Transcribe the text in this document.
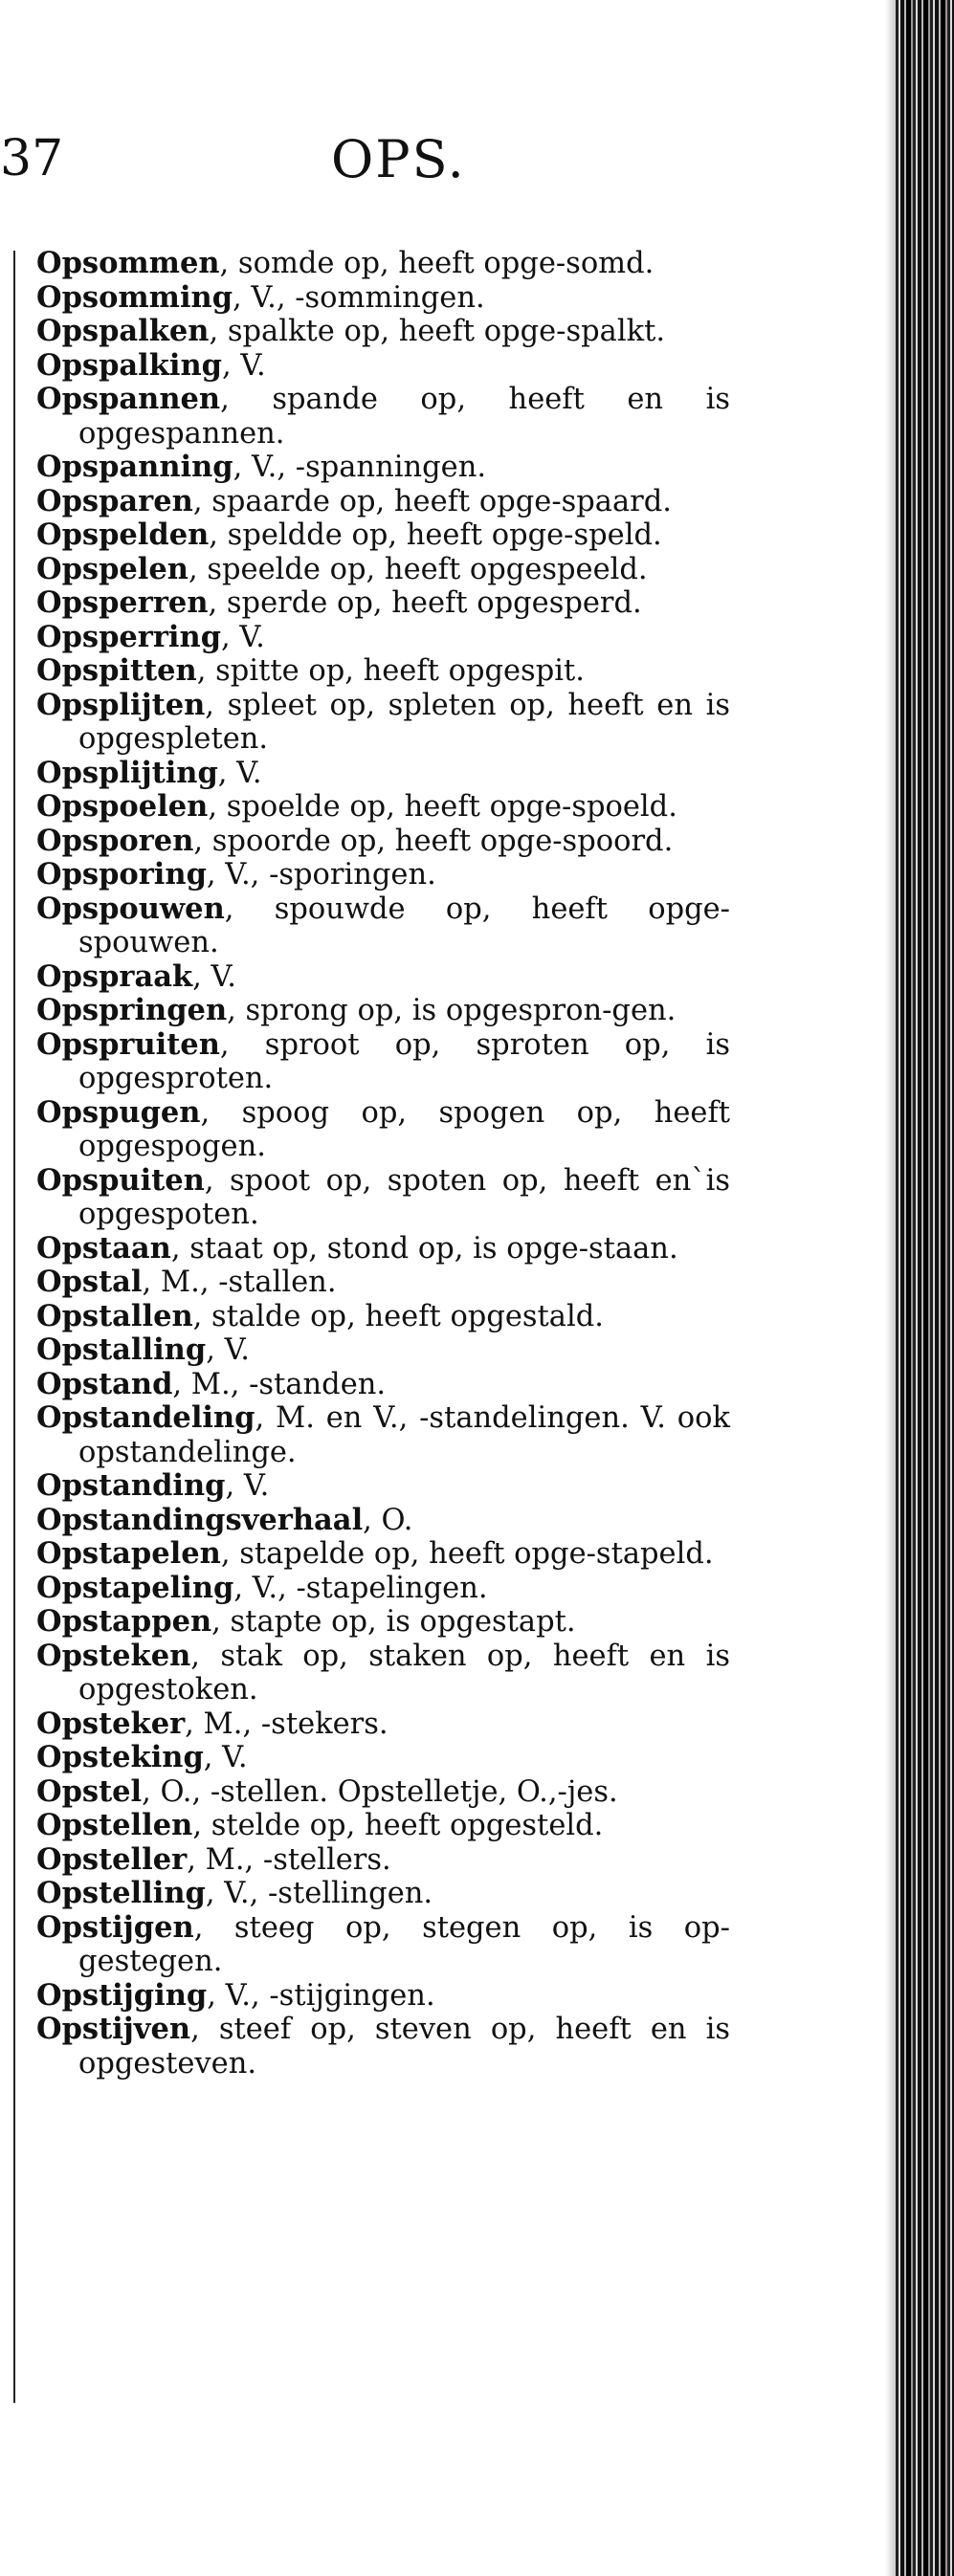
37	OPS.
Opsommen, somde op, heeft opge-somd.
Opsomming, V., -sommingen.
Opspalken, spalkte op, heeft opge-spalkt.
Opspalking, V.
Opspannen, spande op, heeft en is opgespannen.
Opspanning, V., -spanningen.
Opsparen, spaarde op, heeft opge-spaard.
Opspelden, speldde op, heeft opge-speld.
Opspelen, speelde op, heeft opgespeeld.
Opsperren, sperde op, heeft opgesperd.
Opsperring, V.
Opspitten, spitte op, heeft opgespit.
Opsplijten, spleet op, spleten op, heeft en is opgespleten.
Opsplijting, V.
Opspoelen, spoelde op, heeft opge-spoeld.
Opsporen, spoorde op, heeft opge-spoord.
Opsporing, V., -sporingen.
Opspouwen, spouwde op, heeft opge-spouwen.
Opspraak, V.
Opspringen, sprong op, is opgespron-gen.
Opspruiten, sproot op, sproten op, is opgesproten.
Opspugen, spoog op, spogen op, heeft opgespogen.
Opspuiten, spoot op, spoten op, heeft en`is opgespoten.
Opstaan, staat op, stond op, is opge-staan.
Opstal, M., -stallen.
Opstallen, stalde op, heeft opgestald.
Opstalling, V.
Opstand, M., -standen.
Opstandeling, M. en V., -standelingen. V. ook opstandelinge.
Opstanding, V.
Opstandingsverhaal, O.
Opstapelen, stapelde op, heeft opge-stapeld.
Opstapeling, V., -stapelingen.
Opstappen, stapte op, is opgestapt.
Opsteken, stak op, staken op, heeft en is opgestoken.
Opsteker, M., -stekers.
Opsteking, V.
Opstel, O., -stellen. Opstelletje, O.,-jes.
Opstellen, stelde op, heeft opgesteld.
Opsteller, M., -stellers.
Opstelling, V., -stellingen.
Opstijgen, steeg op, stegen op, is op-gestegen.
Opstijging, V., -stijgingen.
Opstijven, steef op, steven op, heeft en is opgesteven.
